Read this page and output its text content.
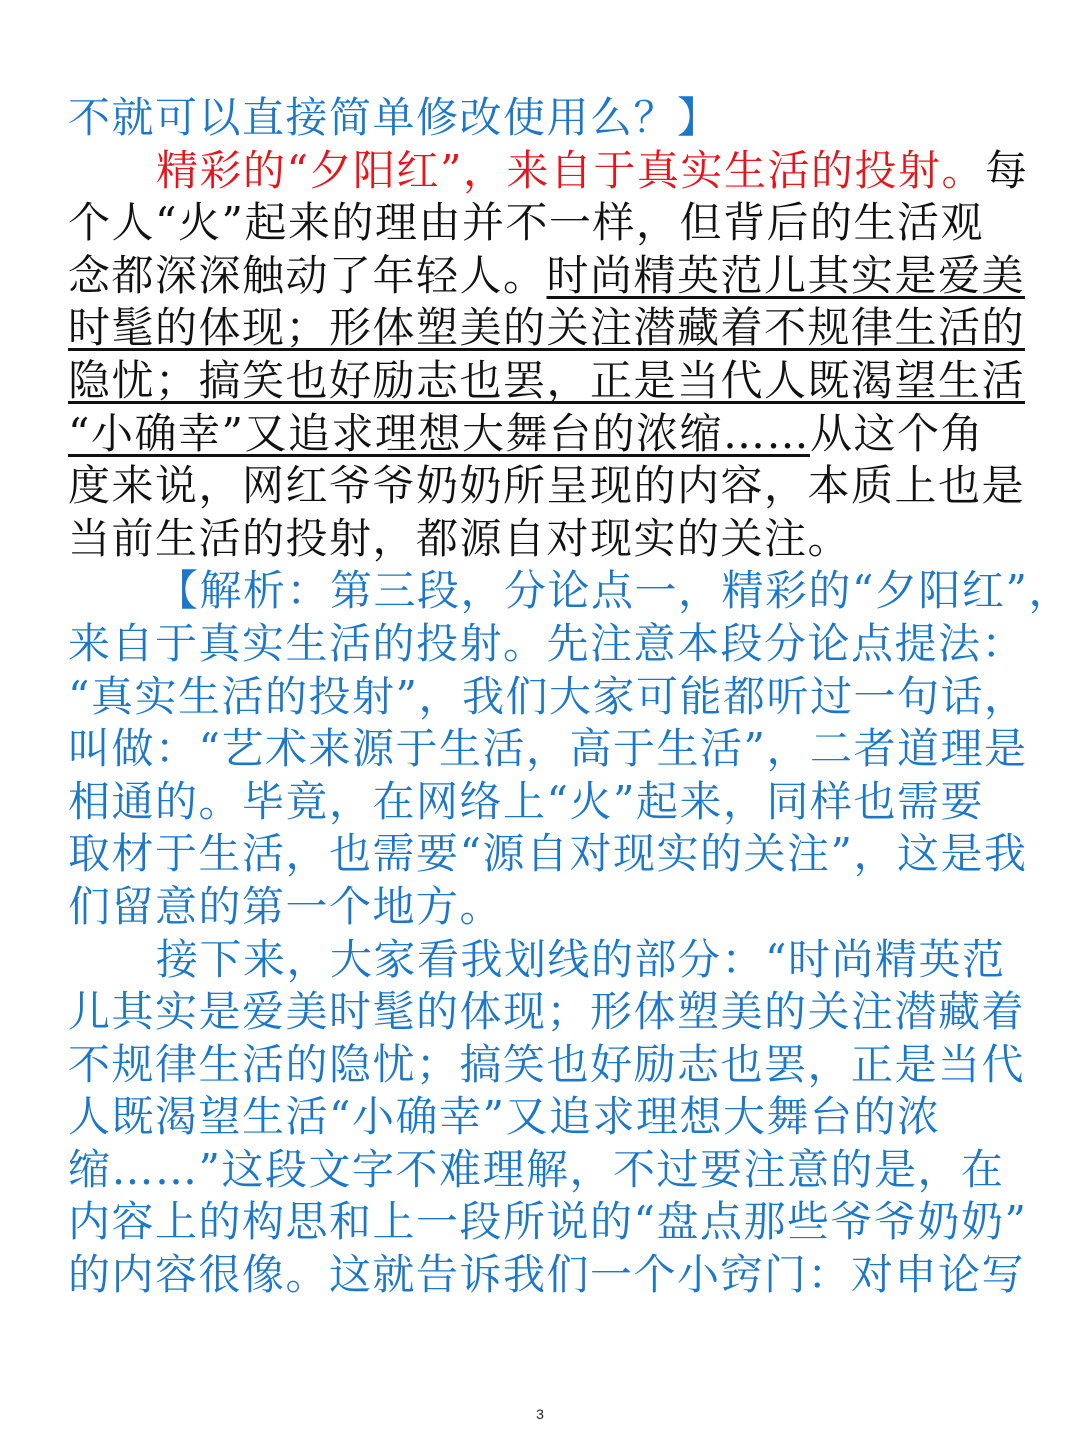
不就可以直接简单修改使用么？】
精彩的“夕阳红”，来自于真实生活的投射。每
个人“火”起来的理由并不一样，但背后的生活观
念都深深触动了年轻人。时尚精英范儿其实是爱美
时髦的体现；形体塑美的关注潜藏着不规律生活的
隐忧；搞笑也好励志也罢，正是当代人既渴望生活
“小确幸”又追求理想大舞台的浓缩……从这个角
度来说，网红爷爷奶奶所呈现的内容，本质上也是
当前生活的投射，都源自对现实的关注。
【解析：第三段，分论点一，精彩的“夕阳红”，
来自于真实生活的投射。先注意本段分论点提法：
“真实生活的投射”，我们大家可能都听过一句话，
叫做：“艺术来源于生活，高于生活”，二者道理是
相通的。毕竟，在网络上“火”起来，同样也需要
取材于生活，也需要“源自对现实的关注”，这是我
们留意的第一个地方。
接下来，大家看我划线的部分：“时尚精英范
儿其实是爱美时髦的体现；形体塑美的关注潜藏着
不规律生活的隐忧；搞笑也好励志也罢，正是当代
人既渴望生活“小确幸”又追求理想大舞台的浓
缩……”这段文字不难理解，不过要注意的是，在
内容上的构思和上一段所说的“盘点那些爷爷奶奶”
的内容很像。这就告诉我们一个小窍门：对申论写
3
